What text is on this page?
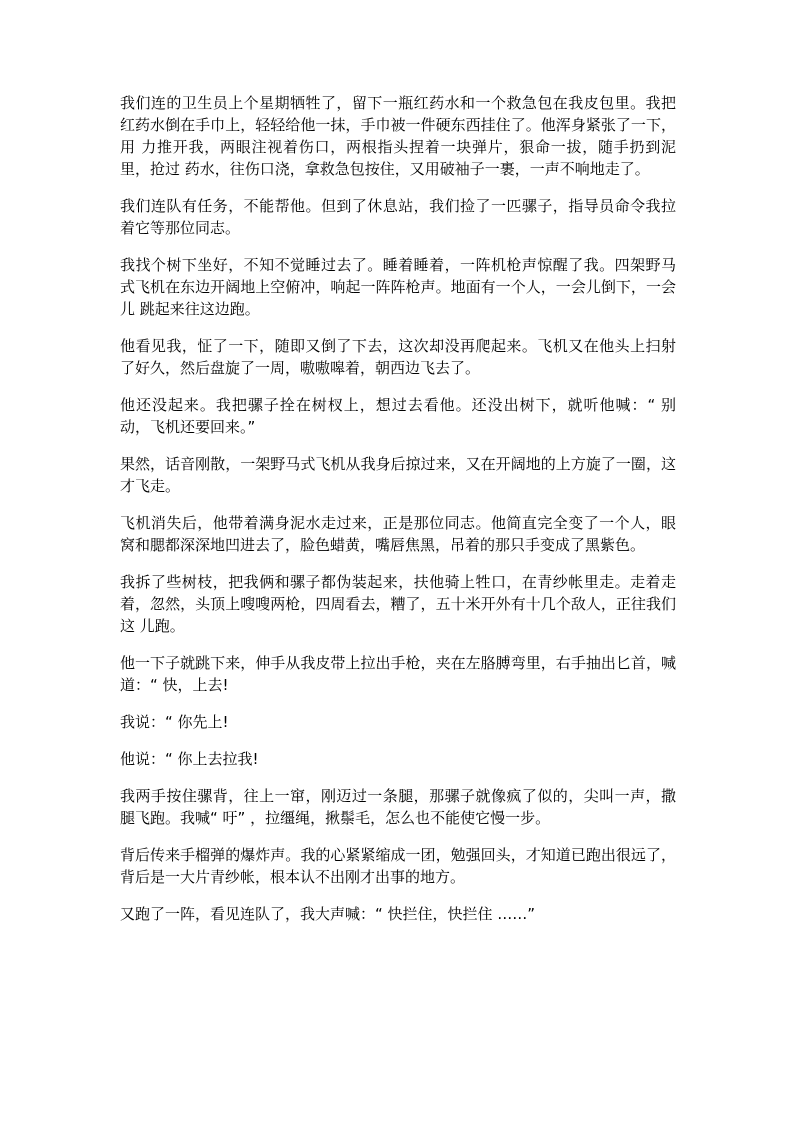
我们连的卫生员上个星期牺牲了，留下一瓶红药水和一个救急包在我皮包里。我把 红药水倒在手巾上，轻轻给他一抹，手巾被一件硬东西挂住了。他浑身紧张了一下，用 力推开我，两眼注视着伤口，两根指头捏着一块弹片，狠命一拔，随手扔到泥里，抢过 药水，往伤口浇，拿救急包按住，又用破袖子一裹，一声不响地走了。

我们连队有任务，不能帮他。但到了休息站，我们捡了一匹骡子，指导员命令我拉 着它等那位同志。

我找个树下坐好，不知不觉睡过去了。睡着睡着，一阵机枪声惊醒了我。四架野马 式飞机在东边开阔地上空俯冲，响起一阵阵枪声。地面有一个人，一会儿倒下，一会儿 跳起来往这边跑。

他看见我，怔了一下，随即又倒了下去，这次却没再爬起来。飞机又在他头上扫射 了好久，然后盘旋了一周，嗷嗷嗥着，朝西边飞去了。

他还没起来。我把骡子拴在树杈上，想过去看他。还没出树下，就听他喊：“ 别 动，飞机还要回来。”

果然，话音刚散，一架野马式飞机从我身后掠过来，又在开阔地的上方旋了一圈，这才飞走。

飞机消失后，他带着满身泥水走过来，正是那位同志。他简直完全变了一个人，眼 窝和腮都深深地凹进去了，脸色蜡黄，嘴唇焦黑，吊着的那只手变成了黑紫色。

我拆了些树枝，把我俩和骡子都伪装起来，扶他骑上牲口，在青纱帐里走。走着走 着，忽然，头顶上嗖嗖两枪，四周看去，糟了，五十米开外有十几个敌人，正往我们这 儿跑。

他一下子就跳下来，伸手从我皮带上拉出手枪，夹在左胳膊弯里，右手抽出匕首，喊道：“ 快，上去!

我说：“ 你先上!

他说：“ 你上去拉我!

我两手按住骡背，往上一窜，刚迈过一条腿，那骡子就像疯了似的，尖叫一声，撒 腿飞跑。我喊“ 吁” ，拉缰绳，揪鬃毛，怎么也不能使它慢一步。

背后传来手榴弹的爆炸声。我的心紧紧缩成一团，勉强回头，才知道已跑出很远了，背后是一大片青纱帐，根本认不出刚才出事的地方。

又跑了一阵，看见连队了，我大声喊：“ 快拦住，快拦住 ……”
